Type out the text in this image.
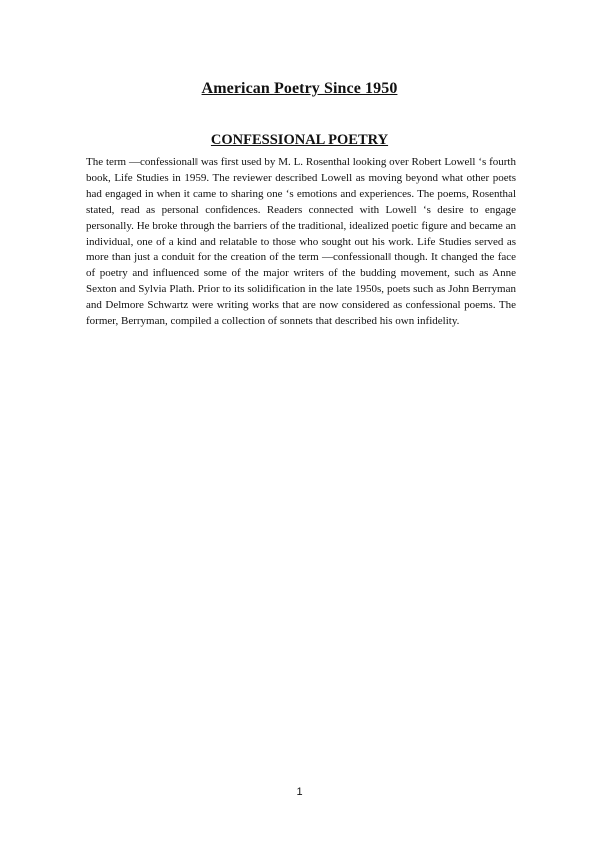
American Poetry Since 1950
CONFESSIONAL POETRY

The term —confessional‖ was first used by M. L. Rosenthal looking over Robert Lowell ‘s fourth book, Life Studies in 1959. The reviewer described Lowell as moving beyond what other poets had engaged in when it came to sharing one ‘s emotions and experiences. The poems, Rosenthal stated, read as personal confidences. Readers connected with Lowell ‘s desire to engage personally. He broke through the barriers of the traditional, idealized poetic figure and became an individual, one of a kind and relatable to those who sought out his work. Life Studies served as more than just a conduit for the creation of the term —confessional‖ though. It changed the face of poetry and influenced some of the major writers of the budding movement, such as Anne Sexton and Sylvia Plath. Prior to its solidification in the late 1950s, poets such as John Berryman and Delmore Schwartz were writing works that are now considered as confessional poems. The former, Berryman, compiled a collection of sonnets that described his own infidelity.

1
